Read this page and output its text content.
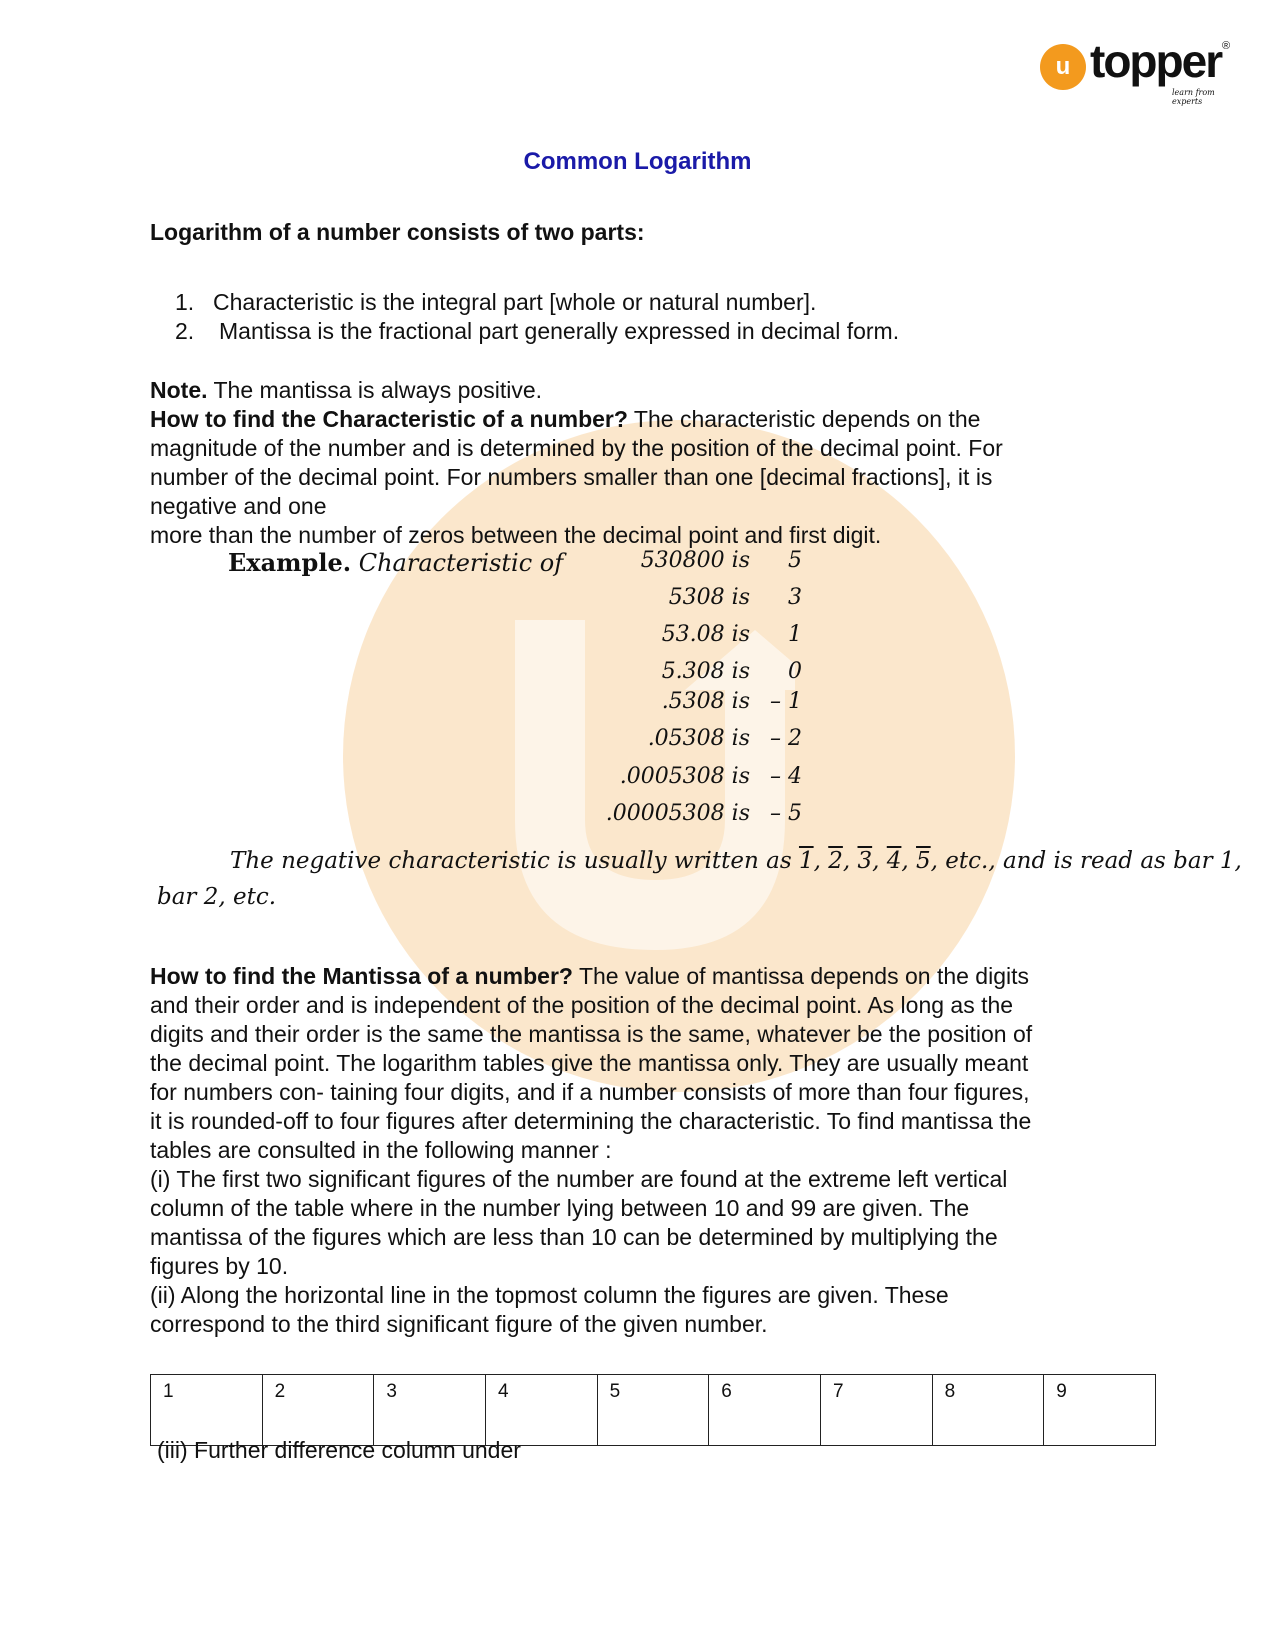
u topper ®
learn from experts
Common Logarithm
Logarithm of a number consists of two parts:
1. Characteristic is the integral part [whole or natural number].
2. Mantissa is the fractional part generally expressed in decimal form.
Note. The mantissa is always positive.
How to find the Characteristic of a number? The characteristic depends on the
magnitude of the number and is determined by the position of the decimal point. For
number of the decimal point. For numbers smaller than one [decimal fractions], it is
negative and one
more than the number of zeros between the decimal point and first digit.
Example. Characteristic of	530800 is	5
5308 is	3
53.08 is	1
5.308 is	0
.5308 is – 1
.05308 is – 2
.0005308 is – 4
.00005308 is – 5
The negative characteristic is usually written as 1, 2, 3, 4, 5, etc., and is read as bar 1,
bar 2, etc.
How to find the Mantissa of a number? The value of mantissa depends on the digits
and their order and is independent of the position of the decimal point. As long as the
digits and their order is the same the mantissa is the same, whatever be the position of
the decimal point. The logarithm tables give the mantissa only. They are usually meant
for numbers con- taining four digits, and if a number consists of more than four figures,
it is rounded-off to four figures after determining the characteristic. To find mantissa the
tables are consulted in the following manner :
(i) The first two significant figures of the number are found at the extreme left vertical
column of the table where in the number lying between 10 and 99 are given. The
mantissa of the figures which are less than 10 can be determined by multiplying the
figures by 10.
(ii) Along the horizontal line in the topmost column the figures are given. These
correspond to the third significant figure of the given number.
1	2	3	4	5	6	7	8	9
(iii) Further difference column under
